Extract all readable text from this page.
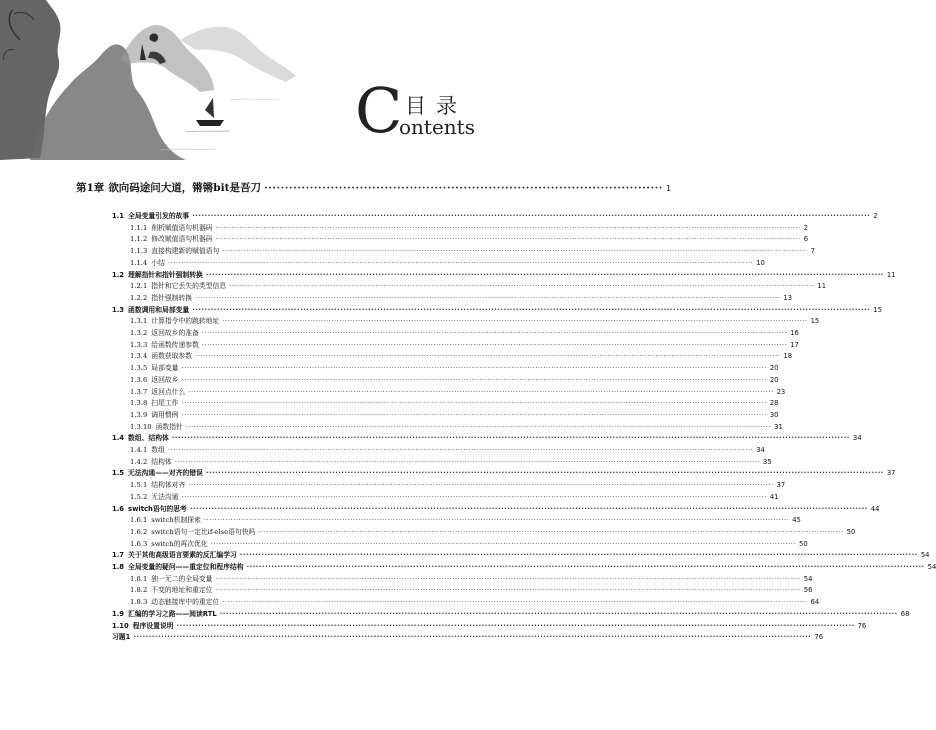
C 目录
ontents
第1章 欲向码途问大道，锵锵bit是吾刀 ································································································ 1
1.1 全局变量引发的故事 ···························································································································································································································· 2
1.1.1 削析赋值语句机器码 ···························································································································································································································· 2
1.1.2 修改赋值语句机器码 ···························································································································································································································· 6
1.1.3 直接构建新的赋值语句 ···························································································································································································································· 7
1.1.4 小结 ···························································································································································································································· 10
1.2 理解指针和指针强制转换 ···························································································································································································································· 11
1.2.1 指针和它丢失的类型信息 ···························································································································································································································· 11
1.2.2 指针强制转换 ···························································································································································································································· 13
1.3 函数调用和局部变量 ···························································································································································································································· 15
1.3.1 计算指令中的跳转地址 ···························································································································································································································· 15
1.3.2 返回故乡的准备 ···························································································································································································································· 16
1.3.3 给函数传递参数 ···························································································································································································································· 17
1.3.4 函数获取参数 ···························································································································································································································· 18
1.3.5 局部变量 ···························································································································································································································· 20
1.3.6 返回故乡 ···························································································································································································································· 20
1.3.7 返回点什么 ···························································································································································································································· 23
1.3.8 扫尾工作 ···························································································································································································································· 28
1.3.9 调用惯例 ···························································································································································································································· 30
1.3.10 函数指针 ···························································································································································································································· 31
1.4 数组、结构体 ···························································································································································································································· 34
1.4.1 数组 ···························································································································································································································· 34
1.4.2 结构体 ···························································································································································································································· 35
1.5 无法沟通——对齐的错误 ···························································································································································································································· 37
1.5.1 结构体对齐 ···························································································································································································································· 37
1.5.2 无法沟通 ···························································································································································································································· 41
1.6 switch语句的思考 ···························································································································································································································· 44
1.6.1 switch机制探索 ···························································································································································································································· 45
1.6.2 switch语句一定比if-else语句快吗 ···························································································································································································································· 50
1.6.3 switch的再次优化 ···························································································································································································································· 50
1.7 关于其他高级语言要素的反汇编学习 ···························································································································································································································· 54
1.8 全局变量的疑问——重定位和程序结构 ···························································································································································································································· 54
1.8.1 独一无二的全局变量 ···························································································································································································································· 54
1.8.2 不变的地址和重定位 ···························································································································································································································· 56
1.8.3 动态链接库中的重定位 ···························································································································································································································· 64
1.9 汇编的学习之路——阅读RTL ···························································································································································································································· 68
1.10 程序设置说明 ···························································································································································································································· 76
习题1 ···························································································································································································································· 76
